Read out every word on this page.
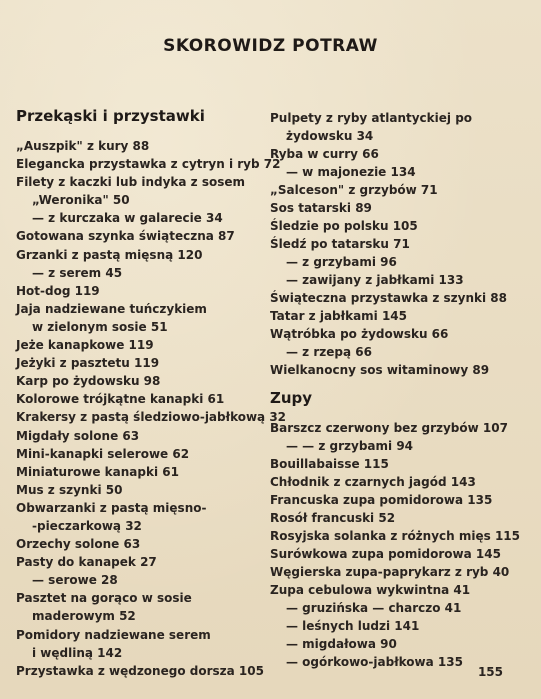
SKOROWIDZ POTRAW
Przekąski i przystawki
„Auszpik" z kury 88
Elegancka przystawka z cytryn i ryb 72
Filety z kaczki lub indyka z sosem
„Weronika" 50
— z kurczaka w galarecie 34
Gotowana szynka świąteczna 87
Grzanki z pastą mięsną 120
— z serem 45
Hot-dog 119
Jaja nadziewane tuńczykiem
w zielonym sosie 51
Jeże kanapkowe 119
Jeżyki z pasztetu 119
Karp po żydowsku 98
Kolorowe trójkątne kanapki 61
Krakersy z pastą śledziowo-jabłkową 32
Migdały solone 63
Mini-kanapki selerowe 62
Miniaturowe kanapki 61
Mus z szynki 50
Obwarzanki z pastą mięsno-
-pieczarkową 32
Orzechy solone 63
Pasty do kanapek 27
— serowe 28
Pasztet na gorąco w sosie
maderowym 52
Pomidory nadziewane serem
i wędliną 142
Przystawka z wędzonego dorsza 105
Pulpety z ryby atlantyckiej po
żydowsku 34
Ryba w curry 66
— w majonezie 134
„Salceson" z grzybów 71
Sos tatarski 89
Śledzie po polsku 105
Śledź po tatarsku 71
— z grzybami 96
— zawijany z jabłkami 133
Świąteczna przystawka z szynki 88
Tatar z jabłkami 145
Wątróbka po żydowsku 66
— z rzepą 66
Wielkanocny sos witaminowy 89
Zupy
Barszcz czerwony bez grzybów 107
— — z grzybami 94
Bouillabaisse 115
Chłodnik z czarnych jagód 143
Francuska zupa pomidorowa 135
Rosół francuski 52
Rosyjska solanka z różnych mięs 115
Surówkowa zupa pomidorowa 145
Węgierska zupa-paprykarz z ryb 40
Zupa cebulowa wykwintna 41
— gruzińska — charczo 41
— leśnych ludzi 141
— migdałowa 90
— ogórkowo-jabłkowa 135
155
